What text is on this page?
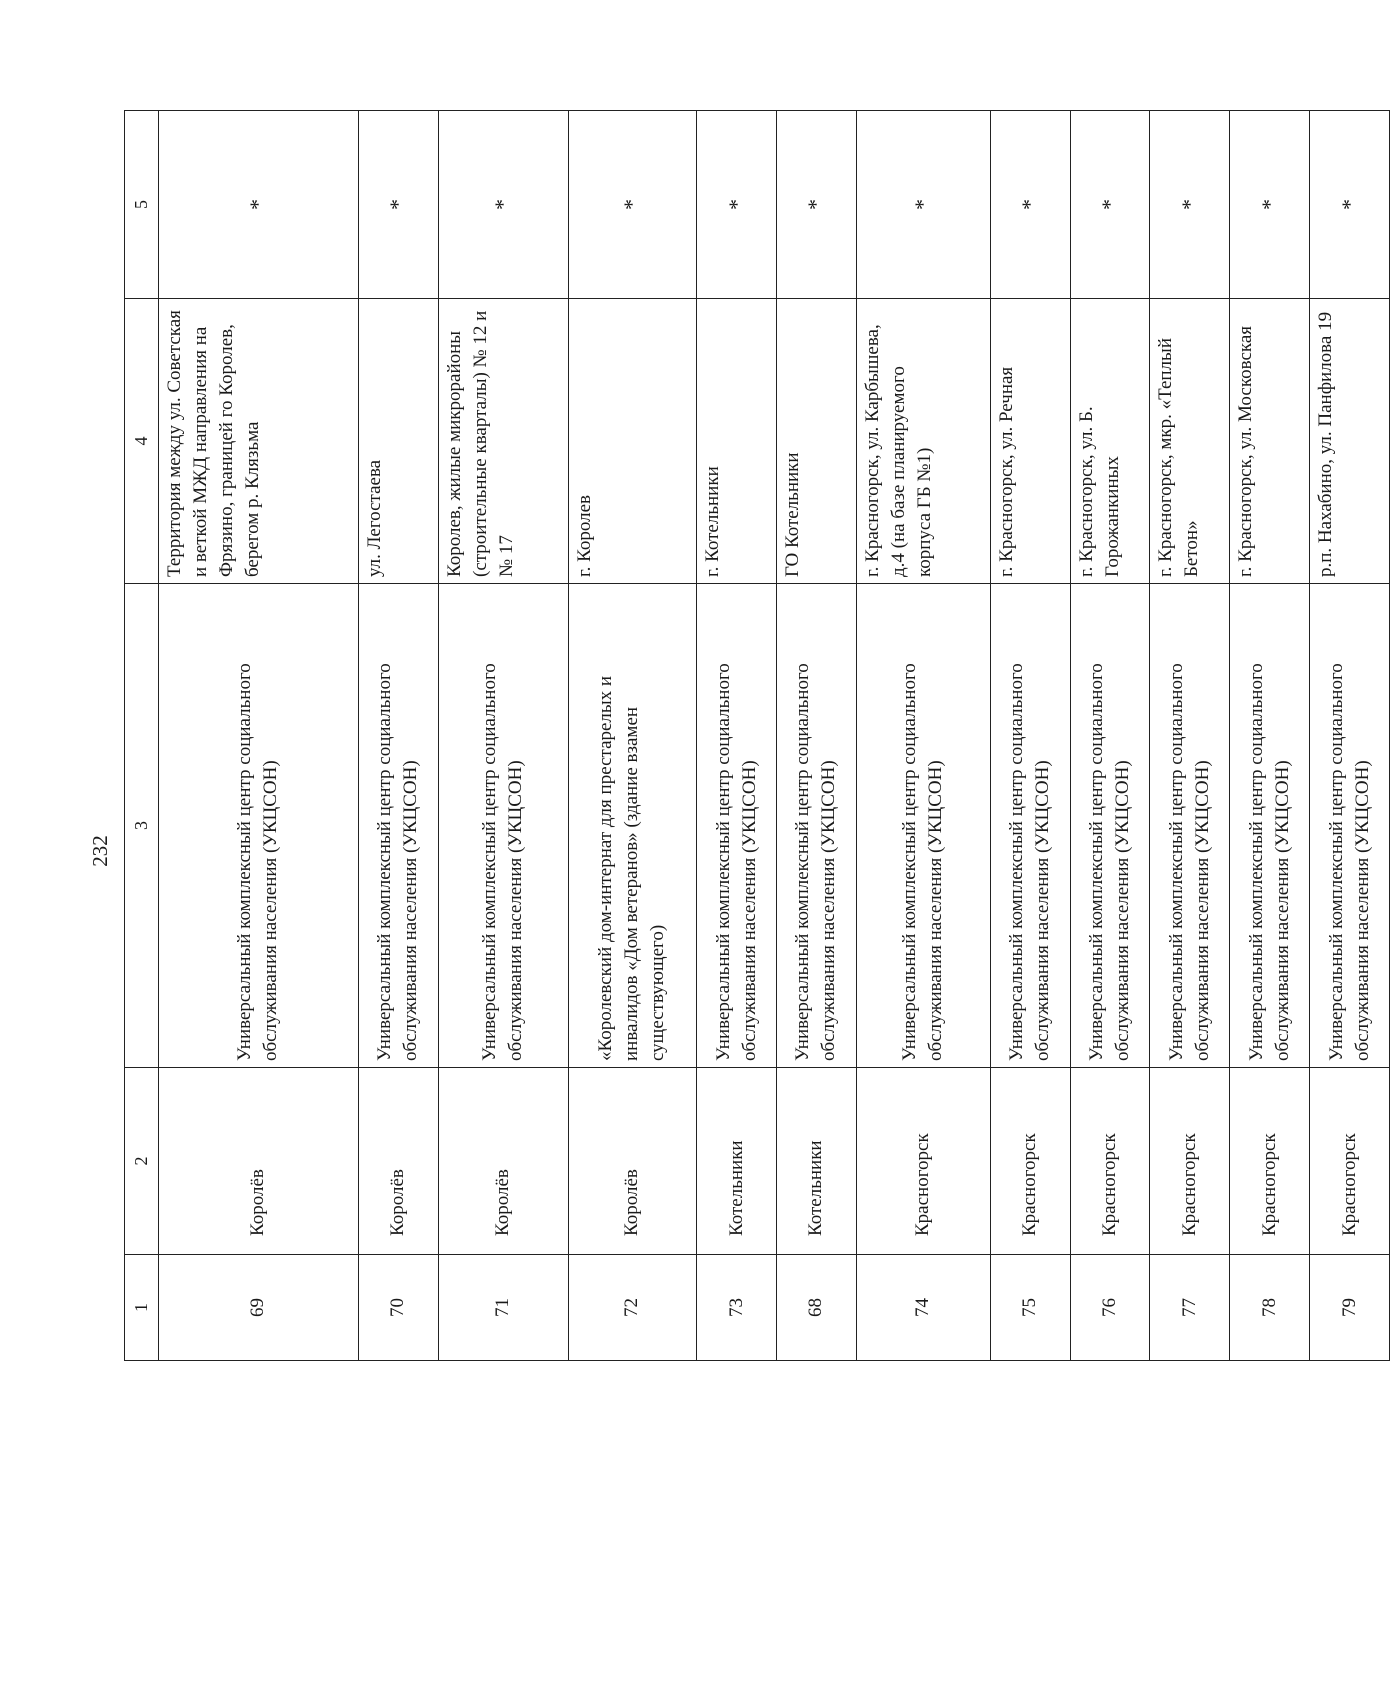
232
1	2	3	4	5
69	Королёв	Универсальный комплексный центр социального обслуживания населения (УКЦСОН)	Территория между ул. Советская и веткой МЖД направления на Фрязино, границей го Королев, берегом р. Клязьма	*
70	Королёв	Универсальный комплексный центр социального обслуживания населения (УКЦСОН)	ул. Легостаева	*
71	Королёв	Универсальный комплексный центр социального обслуживания населения (УКЦСОН)	Королев, жилые микрорайоны (строительные кварталы) № 12 и № 17	*
72	Королёв	«Королевский дом-интернат для престарелых и инвалидов «Дом ветеранов» (здание взамен существующего)	г. Королев	*
73	Котельники	Универсальный комплексный центр социального обслуживания населения (УКЦСОН)	г. Котельники	*
68	Котельники	Универсальный комплексный центр социального обслуживания населения (УКЦСОН)	ГО Котельники	*
74	Красногорск	Универсальный комплексный центр социального обслуживания населения (УКЦСОН)	г. Красногорск, ул. Карбышева, д.4 (на базе планируемого корпуса ГБ №1)	*
75	Красногорск	Универсальный комплексный центр социального обслуживания населения (УКЦСОН)	г. Красногорск, ул. Речная	*
76	Красногорск	Универсальный комплексный центр социального обслуживания населения (УКЦСОН)	г. Красногорск, ул. Б. Горожанкиных	*
77	Красногорск	Универсальный комплексный центр социального обслуживания населения (УКЦСОН)	г. Красногорск, мкр. «Теплый Бетон»	*
78	Красногорск	Универсальный комплексный центр социального обслуживания населения (УКЦСОН)	г. Красногорск, ул. Московская	*
79	Красногорск	Универсальный комплексный центр социального обслуживания населения (УКЦСОН)	р.п. Нахабино, ул. Панфилова 19	*
